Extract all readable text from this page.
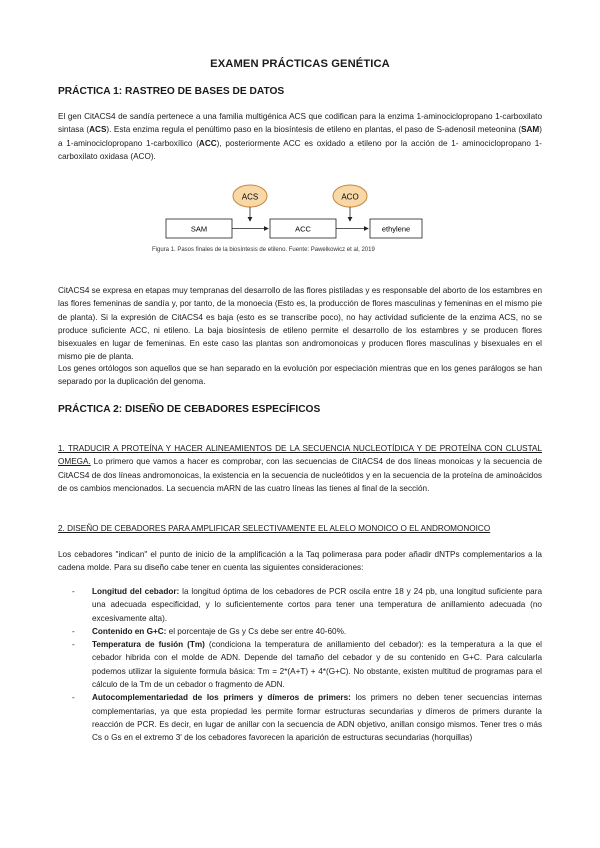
EXAMEN PRÁCTICAS GENÉTICA
PRÁCTICA 1: RASTREO DE BASES DE DATOS

El gen CitACS4 de sandía pertenece a una familia multigénica ACS que codifican para la enzima 1-aminociclopropano 1-carboxilato sintasa (ACS). Esta enzima regula el penúltimo paso en la biosíntesis de etileno en plantas, el paso de S-adenosil meteonina (SAM) a 1-aminociclopropano 1-carboxílico (ACC), posteriormente ACC es oxidado a etileno por la acción de 1- aminociclopropano 1-carboxilato oxidasa (ACO).

ACS	ACO
SAM	ACC	ethylene
Figura 1. Pasos finales de la biosíntesis de etileno. Fuente: Pawelkowicz et al, 2019

CitACS4 se expresa en etapas muy tempranas del desarrollo de las flores pistiladas y es responsable del aborto de los estambres en las flores femeninas de sandía y, por tanto, de la monoecia (Esto es, la producción de flores masculinas y femeninas en el mismo pie de planta). Si la expresión de CitACS4 es baja (esto es se transcribe poco), no hay actividad suficiente de la enzima ACS, no se produce suficiente ACC, ni etileno. La baja biosíntesis de etileno permite el desarrollo de los estambres y se producen flores bisexuales en lugar de femeninas. En este caso las plantas son andromonoicas y producen flores masculinas y bisexuales en el mismo pie de planta.

Los genes ortólogos son aquellos que se han separado en la evolución por especiación mientras que en los genes parálogos se han separado por la duplicación del genoma.

PRÁCTICA 2: DISEÑO DE CEBADORES ESPECÍFICOS

1. TRADUCIR A PROTEÍNA Y HACER ALINEAMIENTOS DE LA SECUENCIA NUCLEOTÍDICA Y DE PROTEÍNA CON CLUSTAL OMEGA. Lo primero que vamos a hacer es comprobar, con las secuencias de CitACS4 de dos líneas monoicas y la secuencia de CitACS4 de dos líneas andromonoicas, la existencia en la secuencia de nucleótidos y en la secuencia de la proteína de aminoácidos de os cambios mencionados. La secuencia mARN de las cuatro líneas las tienes al final de la sección.

2. DISEÑO DE CEBADORES PARA AMPLIFICAR SELECTIVAMENTE EL ALELO MONOICO O EL ANDROMONOICO

Los cebadores "indican" el punto de inicio de la amplificación a la Taq polimerasa para poder añadir dNTPs complementarios a la cadena molde. Para su diseño cabe tener en cuenta las siguientes consideraciones:

- Longitud del cebador: la longitud óptima de los cebadores de PCR oscila entre 18 y 24 pb, una longitud suficiente para una adecuada especificidad, y lo suficientemente cortos para tener una temperatura de anillamiento adecuada (no excesivamente alta).
- Contenido en G+C: el porcentaje de Gs y Cs debe ser entre 40-60%.
- Temperatura de fusión (Tm) (condiciona la temperatura de anillamiento del cebador): es la temperatura a la que el cebador hibrida con el molde de ADN. Depende del tamaño del cebador y de su contenido en G+C. Para calcularla podemos utilizar la siguiente formula básica: Tm = 2*(A+T) + 4*(G+C). No obstante, existen multitud de programas para el cálculo de la Tm de un cebador o fragmento de ADN.
- Autocomplementariedad de los primers y dímeros de primers: los primers no deben tener secuencias internas complementarias, ya que esta propiedad les permite formar estructuras secundarias y dímeros de primers durante la reacción de PCR. Es decir, en lugar de anillar con la secuencia de ADN objetivo, anillan consigo mismos. Tener tres o más Cs o Gs en el extremo 3' de los cebadores favorecen la aparición de estructuras secundarias (horquillas)
